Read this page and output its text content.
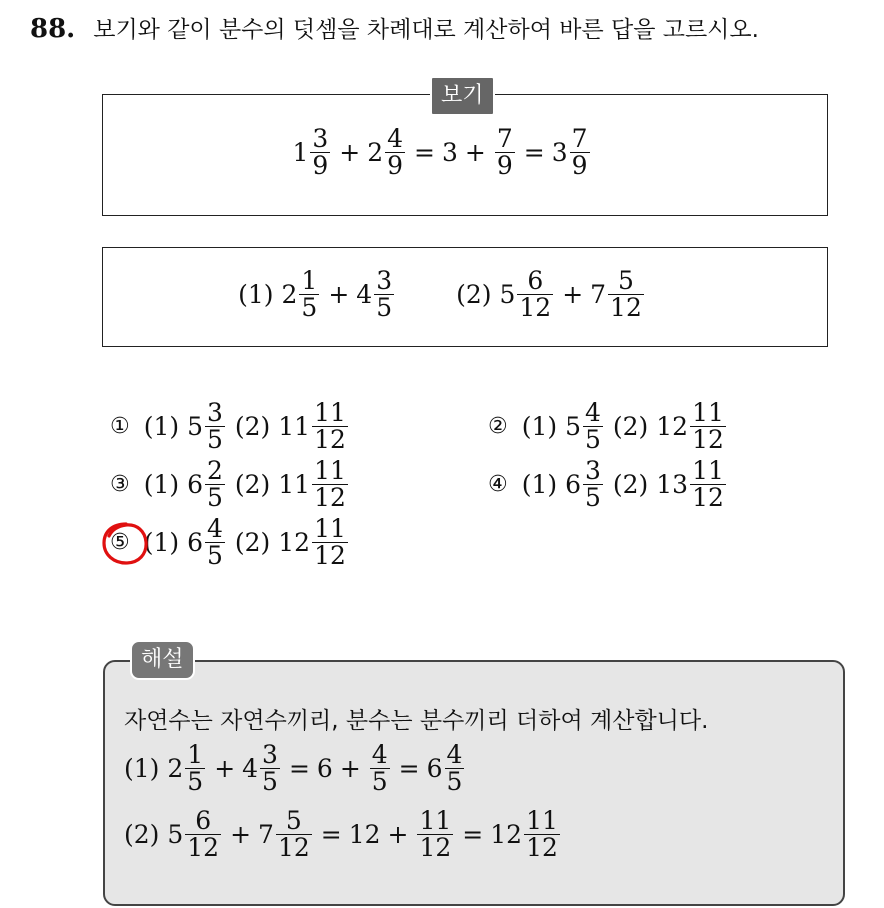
88. 보기와 같이 분수의 덧셈을 차례대로 계산하여 바른 답을 고르시오.
보기
$1 \frac{3}{9} + 2 \frac{4}{9} = 3 + \frac{7}{9} = 3 \frac{7}{9}$
(1)
$2 \frac{1}{5} + 4 \frac{3}{5} (2)$
$5 \frac{6}{12} + 7 \frac{5}{12}$
① (1)
$5 \frac{3}{5}$
(2)
$11 \frac{11}{12}$	② (1)
$5 \frac{4}{5}$
(2)
$12 \frac{11}{12}$
③ (1)
$6 \frac{2}{5}$
(2)
$11 \frac{11}{12}$	④ (1)
$6 \frac{3}{5}$
(2)
$13 \frac{11}{12}$
⑤ (1)
$6 \frac{4}{5}$
(2)
$12 \frac{11}{12}$
해설
자연수는 자연수끼리, 분수는 분수끼리 더하여 계산합니다.
(1)
$2 \frac{1}{5} + 4 \frac{3}{5} = 6 + \frac{4}{5} = 6 \frac{4}{5}$
(2)
$5 \frac{6}{12} + 7 \frac{5}{12} = 12 + \frac{11}{12} = 12 \frac{11}{12}$
